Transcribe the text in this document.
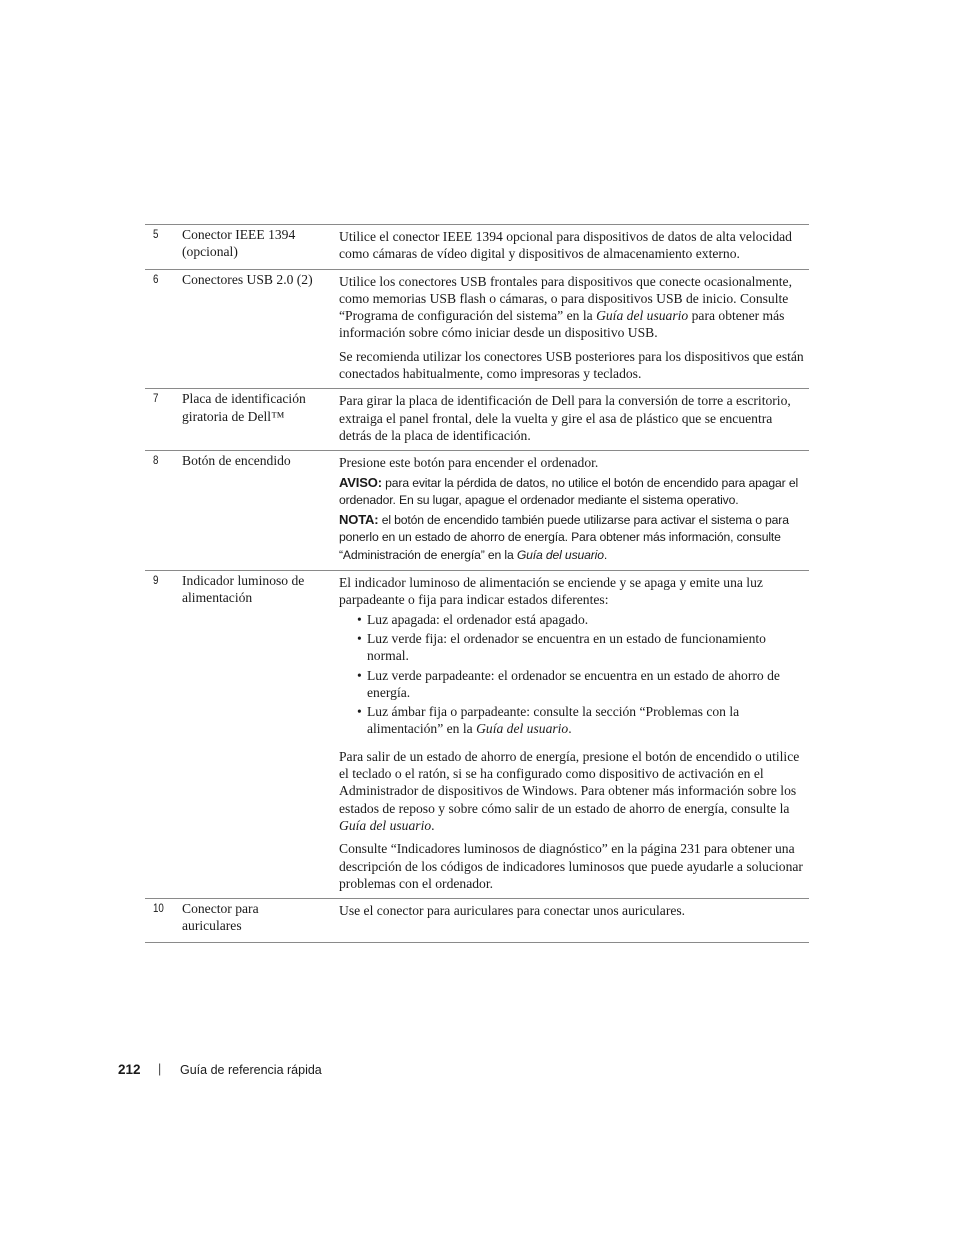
5 Conector IEEE 1394 (opcional)

Utilice el conector IEEE 1394 opcional para dispositivos de datos de alta velocidad como cámaras de vídeo digital y dispositivos de almacenamiento externo.

6 Conectores USB 2.0 (2)	Utilice los conectores USB frontales para dispositivos que conecte ocasionalmente, como memorias USB flash o cámaras, o para dispositivos USB de inicio. Consulte “Programa de configuración del sistema” en la Guía del usuario para obtener más información sobre cómo iniciar desde un dispositivo USB.

Se recomienda utilizar los conectores USB posteriores para los dispositivos que están conectados habitualmente, como impresoras y teclados.

7 Placa de identificación giratoria de Dell™

Para girar la placa de identificación de Dell para la conversión de torre a escritorio, extraiga el panel frontal, dele la vuelta y gire el asa de plástico que se encuentra detrás de la placa de identificación.

8 Botón de encendido	Presione este botón para encender el ordenador.

AVISO: para evitar la pérdida de datos, no utilice el botón de encendido para apagar el ordenador. En su lugar, apague el ordenador mediante el sistema operativo.
NOTA: el botón de encendido también puede utilizarse para activar el sistema o para ponerlo en un estado de ahorro de energía. Para obtener más información, consulte “Administración de energía” en la Guía del usuario.
9 Indicador luminoso de alimentación

El indicador luminoso de alimentación se enciende y se apaga y emite una luz parpadeante o fija para indicar estados diferentes:

• Luz apagada: el ordenador está apagado.
• Luz verde fija: el ordenador se encuentra en un estado de funcionamiento normal.
• Luz verde parpadeante: el ordenador se encuentra en un estado de ahorro de energía.
• Luz ámbar fija o parpadeante: consulte la sección “Problemas con la alimentación” en la Guía del usuario.

Para salir de un estado de ahorro de energía, presione el botón de encendido o utilice el teclado o el ratón, si se ha configurado como dispositivo de activación en el Administrador de dispositivos de Windows. Para obtener más información sobre los estados de reposo y sobre cómo salir de un estado de ahorro de energía, consulte la Guía del usuario.

Consulte “Indicadores luminosos de diagnóstico” en la página 231 para obtener una descripción de los códigos de indicadores luminosos que puede ayudarle a solucionar problemas con el ordenador.

10 Conector para auriculares

Use el conector para auriculares para conectar unos auriculares.

212 | Guía de referencia rápida
